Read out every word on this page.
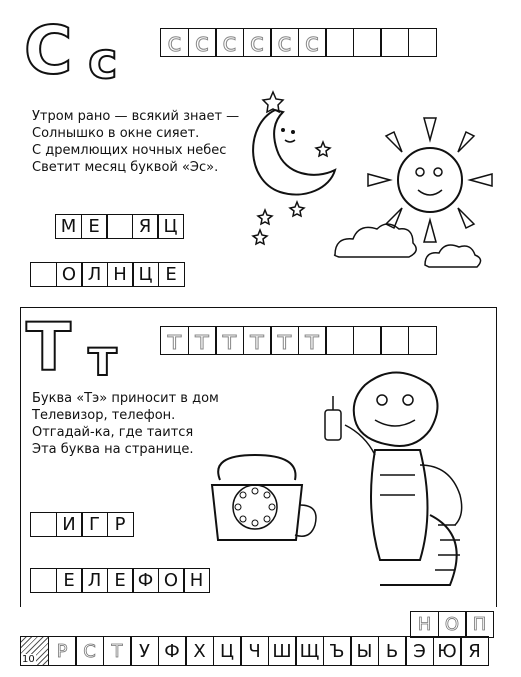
С с с с с с с с
Утром рано — всякий знает —
Солнышко в окне сияет.
С дремлющих ночных небес
Светит месяц буквой «Эс».
М Е	Я Ц
О Л Н Ц Е
Т т т т т т т т
Буква «Тэ» приносит в дом
Телевизор, телефон.
Отгадай-ка, где таится
Эта буква на странице.
И Г Р
Е Л Е Ф О Н
Н О П
10	Р С Т У Ф Х Ц Ч Ш Щ Ъ Ы Ь Э Ю Я
